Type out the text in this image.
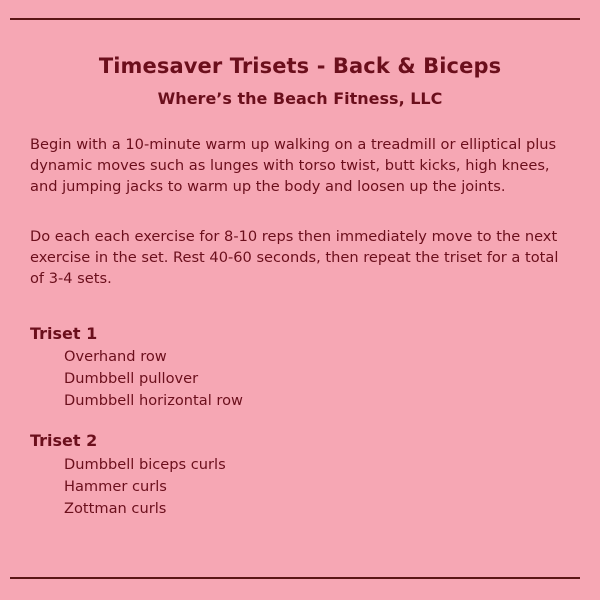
Timesaver Trisets - Back & Biceps
Where’s the Beach Fitness, LLC
Begin with a 10-minute warm up walking on a treadmill or elliptical plus dynamic moves such as lunges with torso twist, butt kicks, high knees, and jumping jacks to warm up the body and loosen up the joints.
Do each each exercise for 8-10 reps then immediately move to the next exercise in the set. Rest 40-60 seconds, then repeat the triset for a total of 3-4 sets.
Triset 1
Overhand row
Dumbbell pullover
Dumbbell horizontal row
Triset 2
Dumbbell biceps curls
Hammer curls
Zottman curls
